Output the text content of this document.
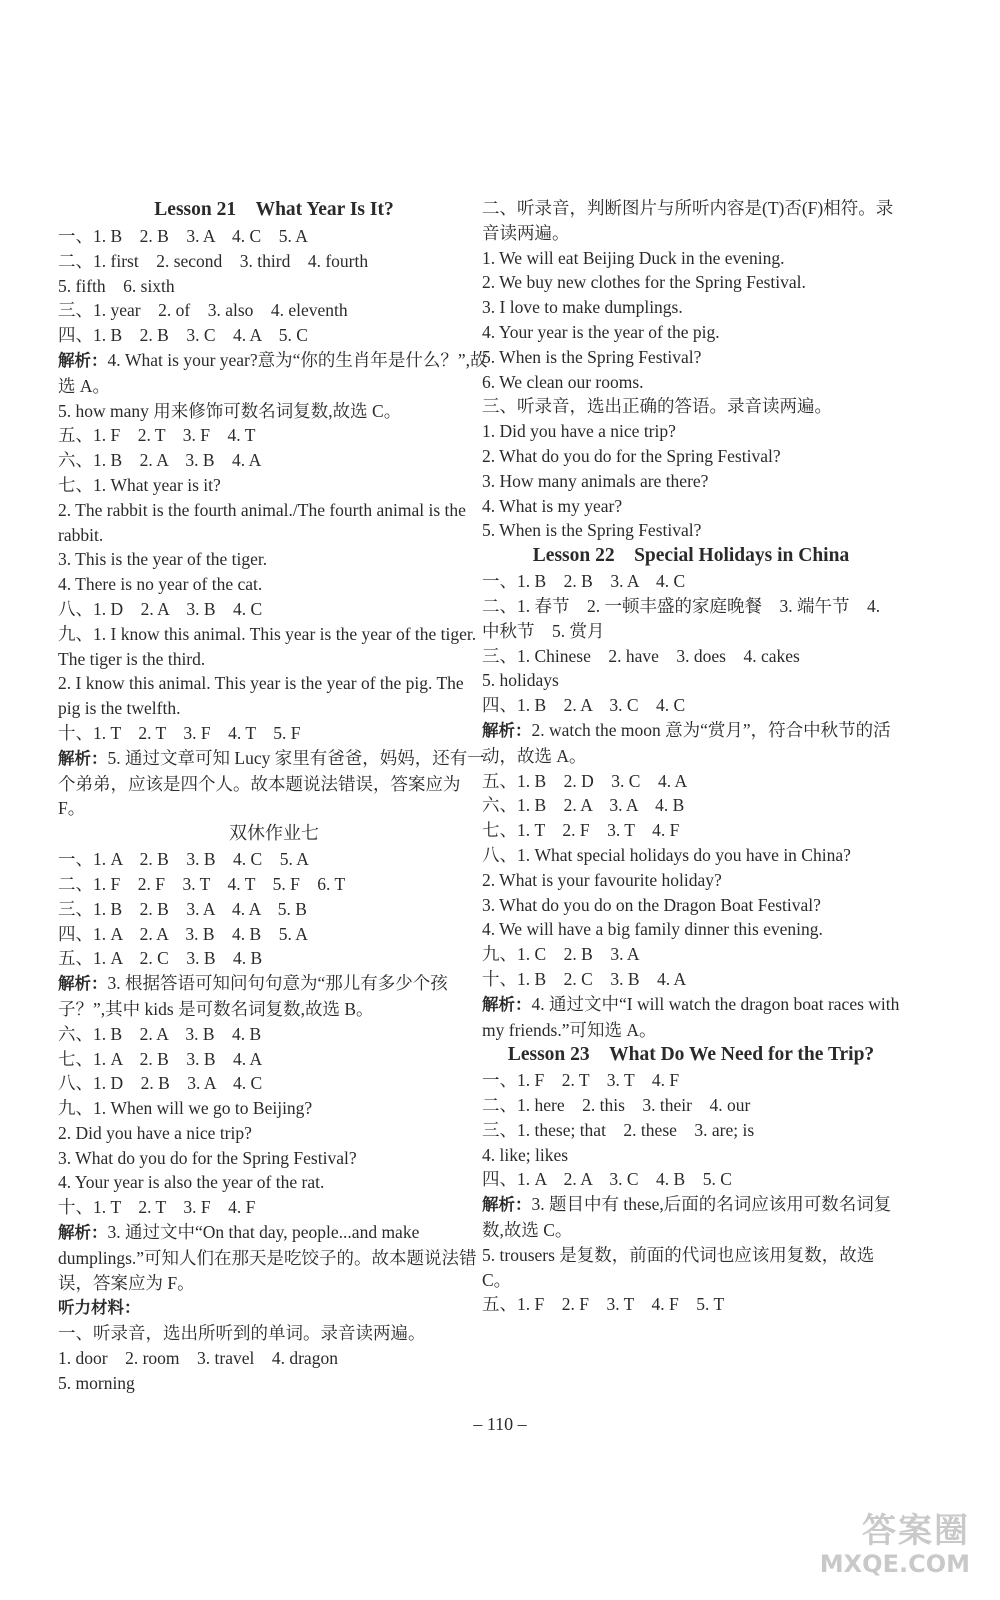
Lesson 21　What Year Is It?
一、1. B　2. B　3. A　4. C　5. A
二、1. first　2. second　3. third　4. fourth
5. fifth　6. sixth
三、1. year　2. of　3. also　4. eleventh
四、1. B　2. B　3. C　4. A　5. C
解析：4. What is your year?意为“你的生肖年是什么？”,故选 A。
5. how many 用来修饰可数名词复数,故选 C。
五、1. F　2. T　3. F　4. T
六、1. B　2. A　3. B　4. A
七、1. What year is it?
2. The rabbit is the fourth animal./The fourth animal is the rabbit.
3. This is the year of the tiger.
4. There is no year of the cat.
八、1. D　2. A　3. B　4. C
九、1. I know this animal. This year is the year of the tiger. The tiger is the third.
2. I know this animal. This year is the year of the pig. The pig is the twelfth.
十、1. T　2. T　3. F　4. T　5. F
解析：5. 通过文章可知 Lucy 家里有爸爸，妈妈，还有一个弟弟，应该是四个人。故本题说法错误，答案应为 F。
双休作业七
一、1. A　2. B　3. B　4. C　5. A
二、1. F　2. F　3. T　4. T　5. F　6. T
三、1. B　2. B　3. A　4. A　5. B
四、1. A　2. A　3. B　4. B　5. A
五、1. A　2. C　3. B　4. B
解析：3. 根据答语可知问句句意为“那儿有多少个孩子？”,其中 kids 是可数名词复数,故选 B。
六、1. B　2. A　3. B　4. B
七、1. A　2. B　3. B　4. A
八、1. D　2. B　3. A　4. C
九、1. When will we go to Beijing?
2. Did you have a nice trip?
3. What do you do for the Spring Festival?
4. Your year is also the year of the rat.
十、1. T　2. T　3. F　4. F
解析：3. 通过文中“On that day, people...and make dumplings.”可知人们在那天是吃饺子的。故本题说法错误，答案应为 F。
听力材料：
一、听录音，选出所听到的单词。录音读两遍。
1. door　2. room　3. travel　4. dragon
5. morning
二、听录音，判断图片与所听内容是(T)否(F)相符。录音读两遍。
1. We will eat Beijing Duck in the evening.
2. We buy new clothes for the Spring Festival.
3. I love to make dumplings.
4. Your year is the year of the pig.
5. When is the Spring Festival?
6. We clean our rooms.
三、听录音，选出正确的答语。录音读两遍。
1. Did you have a nice trip?
2. What do you do for the Spring Festival?
3. How many animals are there?
4. What is my year?
5. When is the Spring Festival?
Lesson 22　Special Holidays in China
一、1. B　2. B　3. A　4. C
二、1. 春节　2. 一顿丰盛的家庭晚餐　3. 端午节　4. 中秋节　5. 赏月
三、1. Chinese　2. have　3. does　4. cakes
5. holidays
四、1. B　2. A　3. C　4. C
解析：2. watch the moon 意为“赏月”，符合中秋节的活动，故选 A。
五、1. B　2. D　3. C　4. A
六、1. B　2. A　3. A　4. B
七、1. T　2. F　3. T　4. F
八、1. What special holidays do you have in China?
2. What is your favourite holiday?
3. What do you do on the Dragon Boat Festival?
4. We will have a big family dinner this evening.
九、1. C　2. B　3. A
十、1. B　2. C　3. B　4. A
解析：4. 通过文中“I will watch the dragon boat races with my friends.”可知选 A。
Lesson 23　What Do We Need for the Trip?
一、1. F　2. T　3. T　4. F
二、1. here　2. this　3. their　4. our
三、1. these; that　2. these　3. are; is
4. like; likes
四、1. A　2. A　3. C　4. B　5. C
解析：3. 题目中有 these,后面的名词应该用可数名词复数,故选 C。
5. trousers 是复数，前面的代词也应该用复数，故选 C。
五、1. F　2. F　3. T　4. F　5. T
– 110 –
答案圈
MXQE.COM
